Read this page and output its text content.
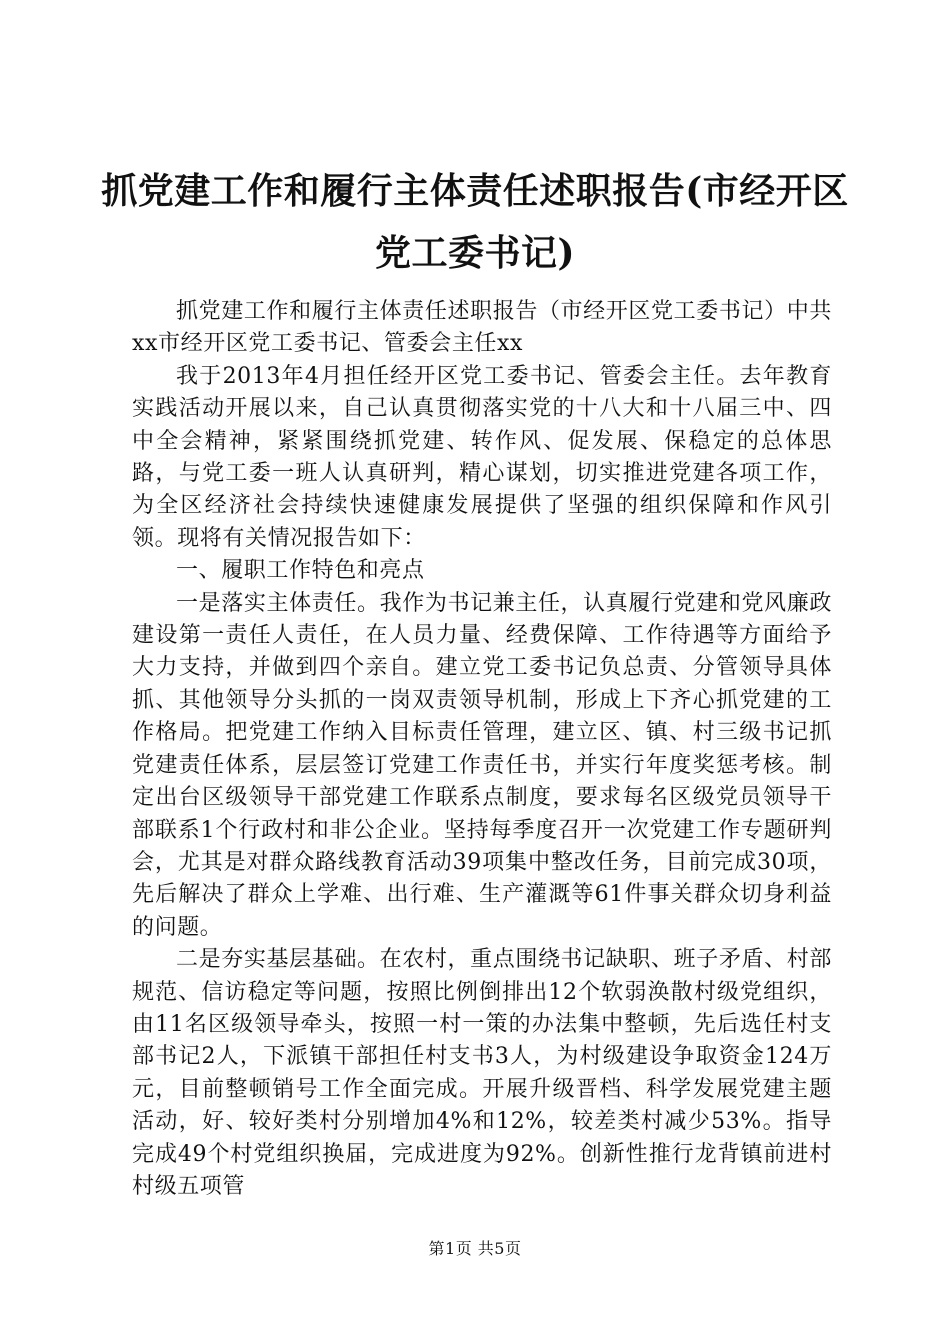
抓党建工作和履行主体责任述职报告(市经开区党工委书记)

抓党建工作和履行主体责任述职报告（市经开区党工委书记）中共xx市经开区党工委书记、管委会主任xx

我于2013年4月担任经开区党工委书记、管委会主任。去年教育实践活动开展以来，自己认真贯彻落实党的十八大和十八届三中、四中全会精神，紧紧围绕抓党建、转作风、促发展、保稳定的总体思路，与党工委一班人认真研判，精心谋划，切实推进党建各项工作，为全区经济社会持续快速健康发展提供了坚强的组织保障和作风引领。现将有关情况报告如下：

一、履职工作特色和亮点

一是落实主体责任。我作为书记兼主任，认真履行党建和党风廉政建设第一责任人责任，在人员力量、经费保障、工作待遇等方面给予大力支持，并做到四个亲自。建立党工委书记负总责、分管领导具体抓、其他领导分头抓的一岗双责领导机制，形成上下齐心抓党建的工作格局。把党建工作纳入目标责任管理，建立区、镇、村三级书记抓党建责任体系，层层签订党建工作责任书，并实行年度奖惩考核。制定出台区级领导干部党建工作联系点制度，要求每名区级党员领导干部联系1个行政村和非公企业。坚持每季度召开一次党建工作专题研判会，尤其是对群众路线教育活动39项集中整改任务，目前完成30项，先后解决了群众上学难、出行难、生产灌溉等61件事关群众切身利益的问题。

二是夯实基层基础。在农村，重点围绕书记缺职、班子矛盾、村部规范、信访稳定等问题，按照比例倒排出12个软弱涣散村级党组织，由11名区级领导牵头，按照一村一策的办法集中整顿，先后选任村支部书记2人，下派镇干部担任村支书3人，为村级建设争取资金124万元，目前整顿销号工作全面完成。开展升级晋档、科学发展党建主题活动，好、较好类村分别增加4%和12%，较差类村减少53%。指导完成49个村党组织换届，完成进度为92%。创新性推行龙背镇前进村村级五项管

第1页 共5页
